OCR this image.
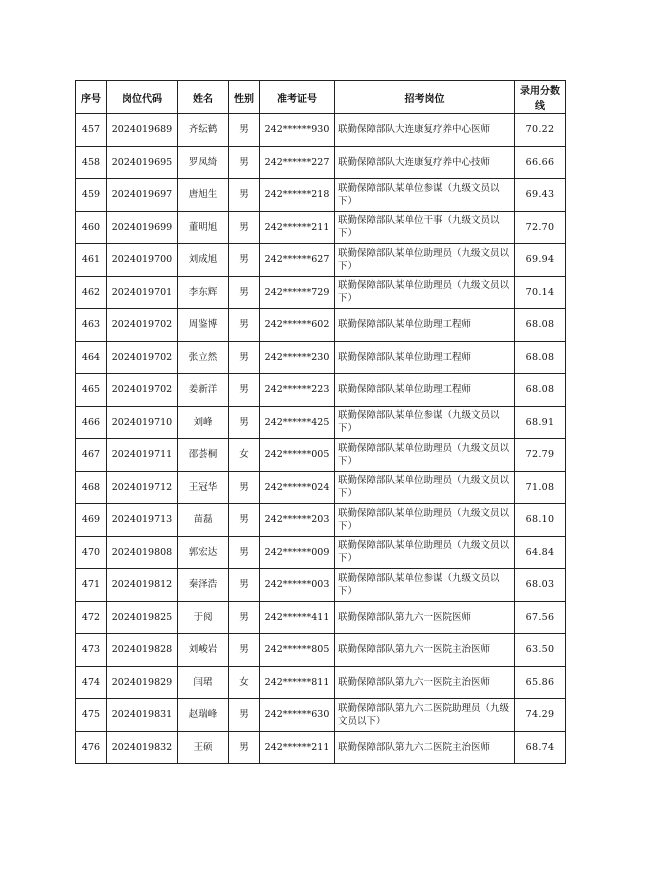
序号	岗位代码	姓名	性别	准考证号	招考岗位	录用分数线
457	2024019689	齐纭鹤	男	242******930	联勤保障部队大连康复疗养中心医师	70.22
458	2024019695	罗凤绮	男	242******227	联勤保障部队大连康复疗养中心技师	66.66
459	2024019697	唐旭生	男	242******218	联勤保障部队某单位参谋（九级文员以下）	69.43
460	2024019699	董明旭	男	242******211	联勤保障部队某单位干事（九级文员以下）	72.70
461	2024019700	刘成旭	男	242******627	联勤保障部队某单位助理员（九级文员以下）	69.94
462	2024019701	李东辉	男	242******729	联勤保障部队某单位助理员（九级文员以下）	70.14
463	2024019702	周鉴博	男	242******602	联勤保障部队某单位助理工程师	68.08
464	2024019702	张立然	男	242******230	联勤保障部队某单位助理工程师	68.08
465	2024019702	姜新洋	男	242******223	联勤保障部队某单位助理工程师	68.08
466	2024019710	刘峰	男	242******425	联勤保障部队某单位参谋（九级文员以下）	68.91
467	2024019711	邵荟桐	女	242******005	联勤保障部队某单位助理员（九级文员以下）	72.79
468	2024019712	王冠华	男	242******024	联勤保障部队某单位助理员（九级文员以下）	71.08
469	2024019713	苗磊	男	242******203	联勤保障部队某单位助理员（九级文员以下）	68.10
470	2024019808	郭宏达	男	242******009	联勤保障部队某单位助理员（九级文员以下）	64.84
471	2024019812	秦泽浩	男	242******003	联勤保障部队某单位参谋（九级文员以下）	68.03
472	2024019825	于阅	男	242******411	联勤保障部队第九六一医院医师	67.56
473	2024019828	刘峻岩	男	242******805	联勤保障部队第九六一医院主治医师	63.50
474	2024019829	闫珺	女	242******811	联勤保障部队第九六一医院主治医师	65.86
475	2024019831	赵瑞峰	男	242******630	联勤保障部队第九六二医院助理员（九级文员以下）	74.29
476	2024019832	王硕	男	242******211	联勤保障部队第九六二医院主治医师	68.74
